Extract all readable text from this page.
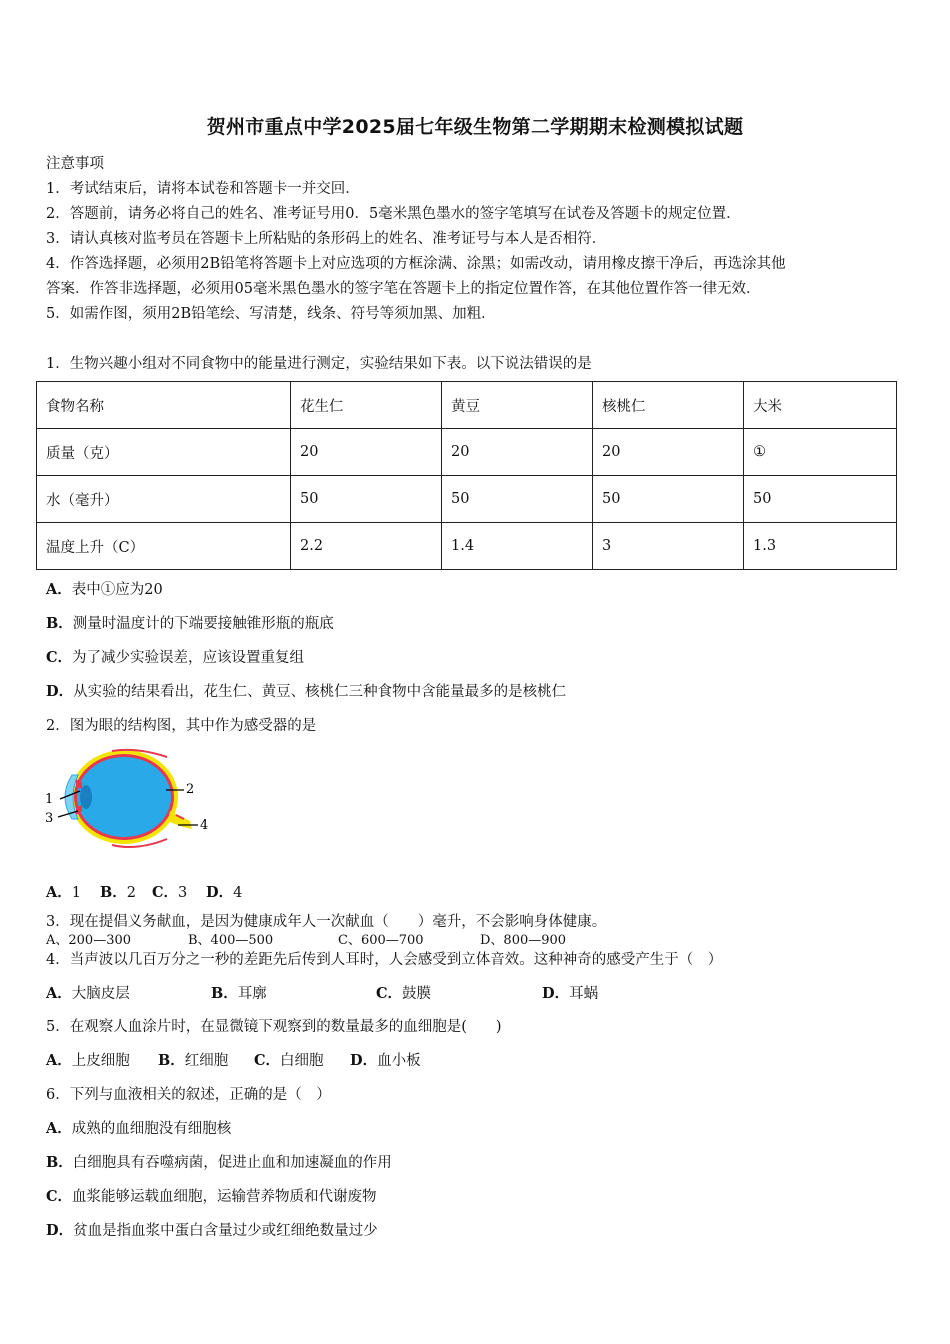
贺州市重点中学2025届七年级生物第二学期期末检测模拟试题
注意事项
1．考试结束后，请将本试卷和答题卡一并交回．
2．答题前，请务必将自己的姓名、准考证号用0．5毫米黑色墨水的签字笔填写在试卷及答题卡的规定位置．
3．请认真核对监考员在答题卡上所粘贴的条形码上的姓名、准考证号与本人是否相符．
4．作答选择题，必须用2B铅笔将答题卡上对应选项的方框涂满、涂黑；如需改动，请用橡皮擦干净后，再选涂其他
答案．作答非选择题，必须用05毫米黑色墨水的签字笔在答题卡上的指定位置作答，在其他位置作答一律无效．
5．如需作图，须用2B铅笔绘、写清楚，线条、符号等须加黑、加粗．
1．生物兴趣小组对不同食物中的能量进行测定，实验结果如下表。以下说法错误的是
食物名称	花生仁	黄豆	核桃仁	大米
质量（克）	20	20	20	①
水（毫升）	50	50	50	50
温度上升（C）	2.2	1.4	3	1.3
A．表中①应为20
B．测量时温度计的下端要接触锥形瓶的瓶底
C．为了减少实验误差，应该设置重复组
D．从实验的结果看出，花生仁、黄豆、核桃仁三种食物中含能量最多的是核桃仁
2．图为眼的结构图，其中作为感受器的是
1
2
3	4
A．1 B．2 C．3 D．4
3．现在提倡义务献血，是因为健康成年人一次献血（　　）毫升，不会影响身体健康。
A、200—300	B、400—500	C、600—700	D、800—900
4．当声波以几百万分之一秒的差距先后传到人耳时，人会感受到立体音效。这种神奇的感受产生于（　）
A．大脑皮层	B．耳廓	C．鼓膜	D．耳蜗
5．在观察人血涂片时，在显微镜下观察到的数量最多的血细胞是(　　)
A．上皮细胞 B．红细胞 C．白细胞 D．血小板
6．下列与血液相关的叙述，正确的是（　）
A．成熟的血细胞没有细胞核
B．白细胞具有吞噬病菌，促进止血和加速凝血的作用
C．血浆能够运载血细胞，运输营养物质和代谢废物
D．贫血是指血浆中蛋白含量过少或红细绝数量过少
